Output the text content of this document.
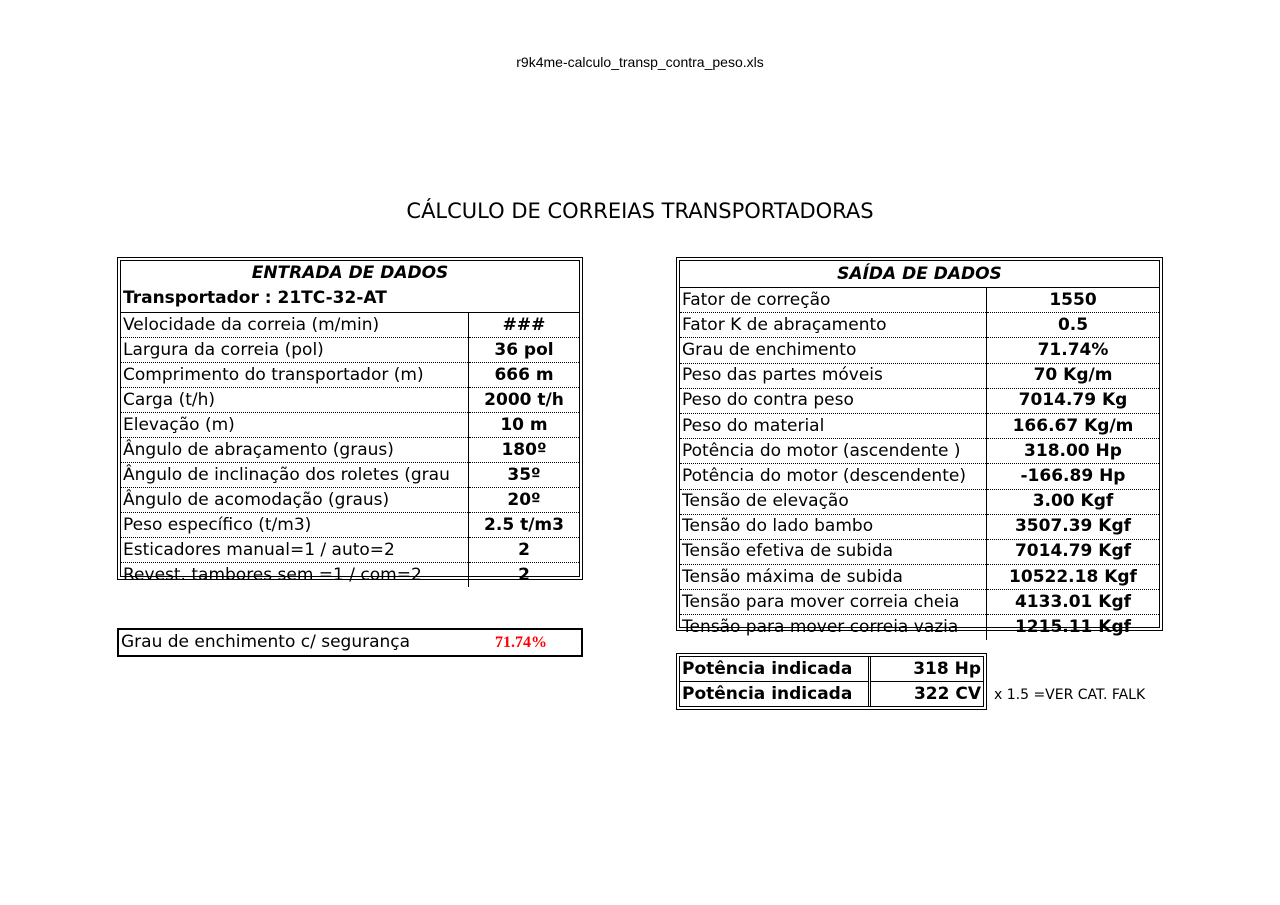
r9k4me-calculo_transp_contra_peso.xls
CÁLCULO DE CORREIAS TRANSPORTADORAS
ENTRADA DE DADOS
Transportador : 21TC-32-AT
Velocidade da correia (m/min)	###
Largura da correia (pol)	36 pol
Comprimento do transportador (m)	666 m
Carga (t/h)	2000 t/h
Elevação (m)	10 m
Ângulo de abraçamento (graus)	180º
Ângulo de inclinação dos roletes (grau	35º
Ângulo de acomodação (graus)	20º
Peso específico (t/m3)	2.5 t/m3
Esticadores manual=1 / auto=2	2
Revest. tambores sem =1 / com=2	2
Grau de enchimento c/ segurança	71.74%
SAÍDA DE DADOS
Fator de correção	1550
Fator K de abraçamento	0.5
Grau de enchimento	71.74%
Peso das partes móveis	70 Kg/m
Peso do contra peso	7014.79 Kg
Peso do material	166.67 Kg/m
Potência do motor (ascendente )	318.00 Hp
Potência do motor (descendente)	-166.89 Hp
Tensão de elevação	3.00 Kgf
Tensão do lado bambo	3507.39 Kgf
Tensão efetiva de subida	7014.79 Kgf
Tensão máxima de subida	10522.18 Kgf
Tensão para mover correia cheia	4133.01 Kgf
Tensão para mover correia vazia	1215.11 Kgf
Potência indicada	318 Hp
Potência indicada	322 CV x 1.5 =VER CAT. FALK
